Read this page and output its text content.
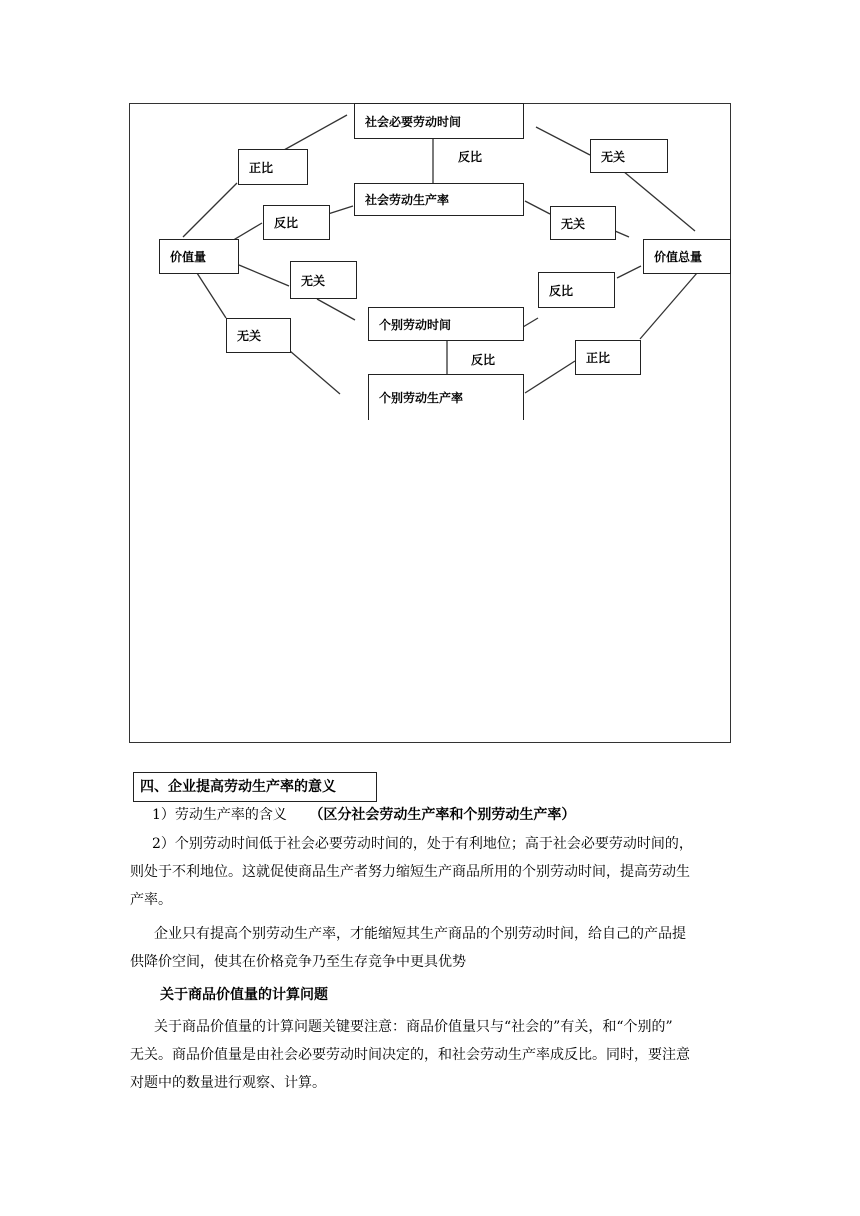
社会必要劳动时间
社会劳动生产率
价值量	价值总量
个别劳动时间
个别劳动生产率
正比
反比
无关
无关
无关
无关
反比
正比
反比
反比
四、企业提高劳动生产率的意义
1）劳动生产率的含义 （区分社会劳动生产率和个别劳动生产率）
2）个别劳动时间低于社会必要劳动时间的，处于有利地位；高于社会必要劳动时间的，
则处于不利地位。这就促使商品生产者努力缩短生产商品所用的个别劳动时间，提高劳动生
产率。
企业只有提高个别劳动生产率，才能缩短其生产商品的个别劳动时间，给自己的产品提
供降价空间，使其在价格竞争乃至生存竞争中更具优势
关于商品价值量的计算问题
关于商品价值量的计算问题关键要注意：商品价值量只与“社会的”有关，和“个别的”
无关。商品价值量是由社会必要劳动时间决定的，和社会劳动生产率成反比。同时，要注意
对题中的数量进行观察、计算。
